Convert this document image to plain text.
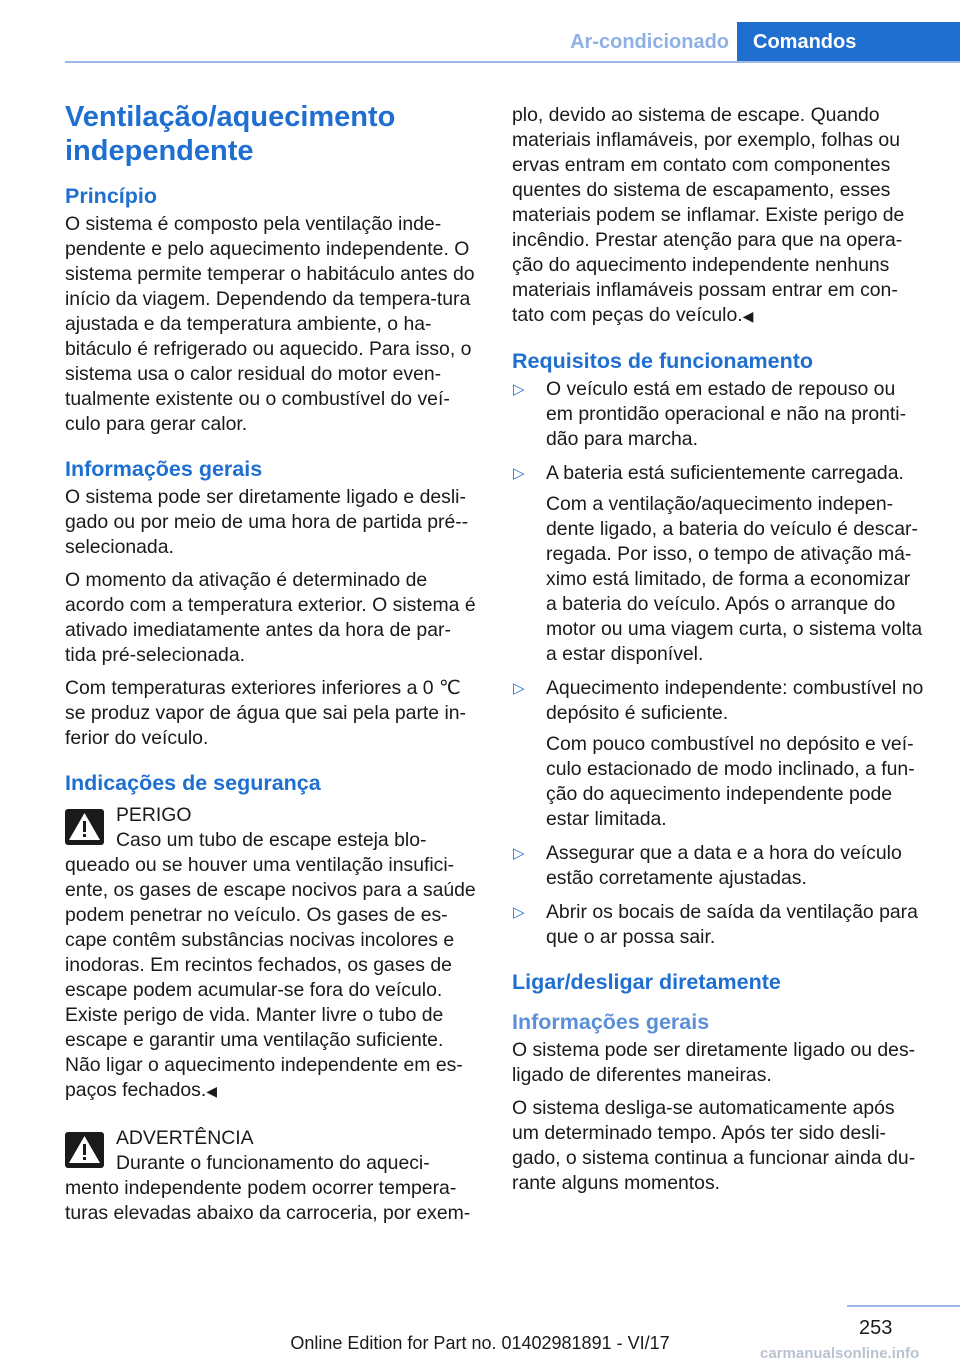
Ar-condicionado	Comandos
Ventilação/aquecimento independente
Princípio

O sistema é composto pela ventilação inde‐pendente e pelo aquecimento independente. O sistema permite temperar o habitáculo antes do início da viagem. Dependendo da tempera‐tura ajustada e da temperatura ambiente, o ha‐bitáculo é refrigerado ou aquecido. Para isso, o sistema usa o calor residual do motor even‐tualmente existente ou o combustível do veí‐culo para gerar calor.

Informações gerais

O sistema pode ser diretamente ligado e desli‐gado ou por meio de uma hora de partida pré‐-selecionada.

O momento da ativação é determinado de acordo com a temperatura exterior. O sistema é ativado imediatamente antes da hora de par‐tida pré-selecionada.

Com temperaturas exteriores inferiores a 0 ℃ se produz vapor de água que sai pela parte in‐ferior do veículo.

Indicações de segurança

PERIGO

Caso um tubo de escape esteja blo‐

queado ou se houver uma ventilação insufici‐ente, os gases de escape nocivos para a saúde podem penetrar no veículo. Os gases de es‐cape contêm substâncias nocivas incolores e inodoras. Em recintos fechados, os gases de escape podem acumular-se fora do veículo. Existe perigo de vida. Manter livre o tubo de escape e garantir uma ventilação suficiente. Não ligar o aquecimento independente em es‐paços fechados.◀

ADVERTÊNCIA

Durante o funcionamento do aqueci‐

mento independente podem ocorrer tempera‐turas elevadas abaixo da carroceria, por exem‐

plo, devido ao sistema de escape. Quando materiais inflamáveis, por exemplo, folhas ou ervas entram em contato com componentes quentes do sistema de escapamento, esses materiais podem se inflamar. Existe perigo de incêndio. Prestar atenção para que na opera‐ção do aquecimento independente nenhuns materiais inflamáveis possam entrar em con‐tato com peças do veículo.◀

Requisitos de funcionamento
▷ O veículo está em estado de repouso ou em prontidão operacional e não na pronti‐dão para marcha.

▷ A bateria está suficientemente carregada.

Com a ventilação/aquecimento indepen‐dente ligado, a bateria do veículo é descar‐regada. Por isso, o tempo de ativação má‐ximo está limitado, de forma a economizar a bateria do veículo. Após o arranque do motor ou uma viagem curta, o sistema volta a estar disponível.

▷ Aquecimento independente: combustível no depósito é suficiente.

Com pouco combustível no depósito e veí‐culo estacionado de modo inclinado, a fun‐ção do aquecimento independente pode estar limitada.

▷ Assegurar que a data e a hora do veículo estão corretamente ajustadas.

▷ Abrir os bocais de saída da ventilação para que o ar possa sair.

Ligar/desligar diretamente
Informações gerais

O sistema pode ser diretamente ligado ou des‐ligado de diferentes maneiras.

O sistema desliga-se automaticamente após um determinado tempo. Após ter sido desli‐gado, o sistema continua a funcionar ainda du‐rante alguns momentos.

253
Online Edition for Part no. 01402981891 - VI/17
carmanualsonline.info
